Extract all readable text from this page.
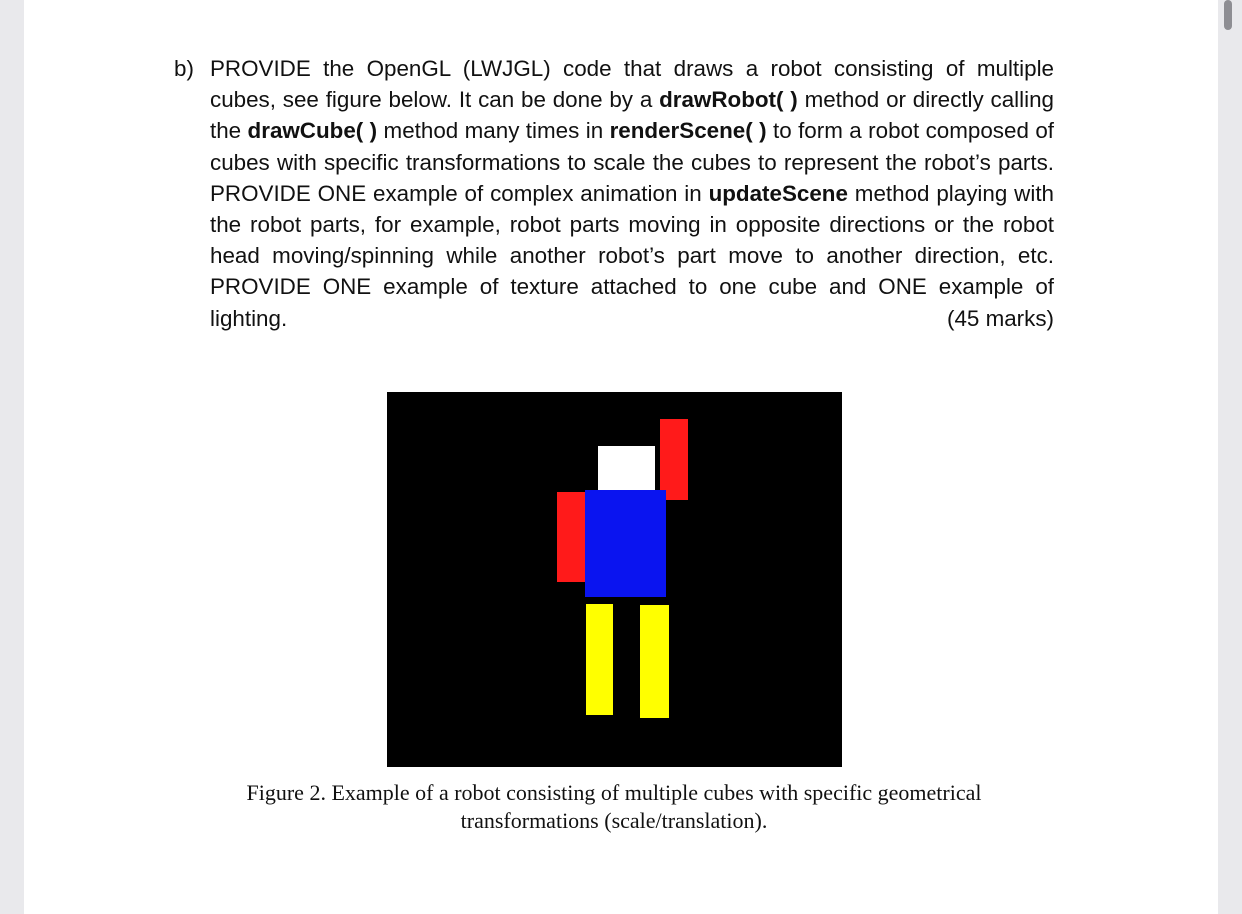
b) PROVIDE the OpenGL (LWJGL) code that draws a robot consisting of multiple cubes, see figure below. It can be done by a drawRobot( ) method or directly calling the drawCube( ) method many times in renderScene( ) to form a robot composed of cubes with specific transformations to scale the cubes to represent the robot’s parts. PROVIDE ONE example of complex animation in updateScene method playing with the robot parts, for example, robot parts moving in opposite directions or the robot head moving/spinning while another robot’s part move to another direction, etc. PROVIDE ONE example of texture attached to one cube and ONE example of lighting.	(45 marks)
Figure 2. Example of a robot consisting of multiple cubes with specific geometrical
transformations (scale/translation).
